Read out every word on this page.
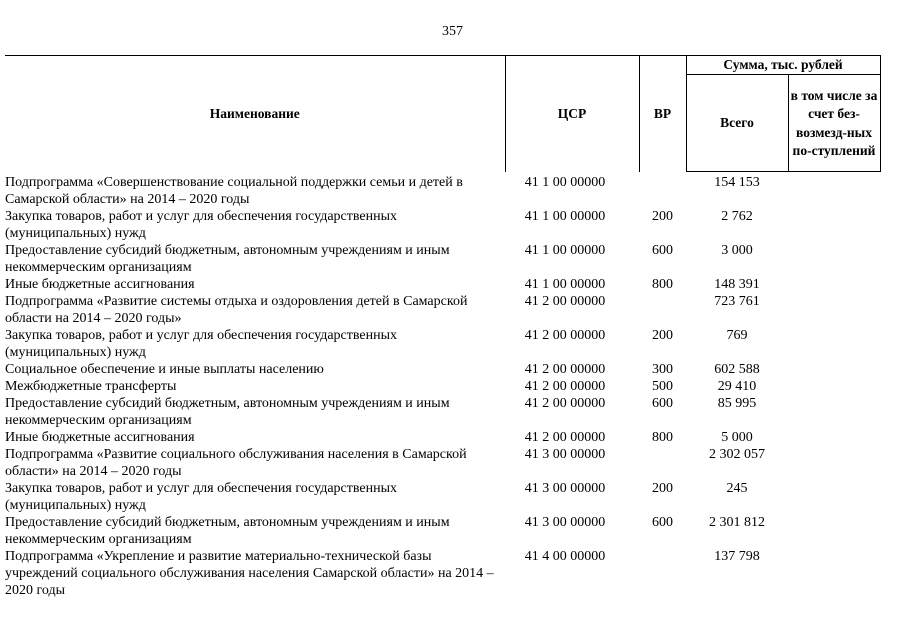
357
Наименование	ЦСР	ВР	Сумма, тыс. рублей	
			Всего	в том числе за счет без-возмезд-ных по-ступлений
Подпрограмма «Совершенствование социальной поддержки семьи и детей в Самарской области» на 2014 – 2020 годы	41 1 00 00000		154 153	
Закупка товаров, работ и услуг для обеспечения государственных (муниципальных) нужд	41 1 00 00000	200	2 762	
Предоставление субсидий бюджетным, автономным учреждениям и иным некоммерческим организациям	41 1 00 00000	600	3 000	
Иные бюджетные ассигнования	41 1 00 00000	800	148 391	
Подпрограмма «Развитие системы отдыха и оздоровления детей в Самарской области на 2014 – 2020 годы»	41 2 00 00000		723 761	
Закупка товаров, работ и услуг для обеспечения государственных (муниципальных) нужд	41 2 00 00000	200	769	
Социальное обеспечение и иные выплаты населению	41 2 00 00000	300	602 588	
Межбюджетные трансферты	41 2 00 00000	500	29 410	
Предоставление субсидий бюджетным, автономным учреждениям и иным некоммерческим организациям	41 2 00 00000	600	85 995	
Иные бюджетные ассигнования	41 2 00 00000	800	5 000	
Подпрограмма «Развитие социального обслуживания населения в Самарской области» на 2014 – 2020 годы	41 3 00 00000		2 302 057	
Закупка товаров, работ и услуг для обеспечения государственных (муниципальных) нужд	41 3 00 00000	200	245	
Предоставление субсидий бюджетным, автономным учреждениям и иным некоммерческим организациям	41 3 00 00000	600	2 301 812	
Подпрограмма «Укрепление и развитие материально-технической базы учреждений социального обслуживания населения Самарской области» на 2014 – 2020 годы	41 4 00 00000		137 798	
